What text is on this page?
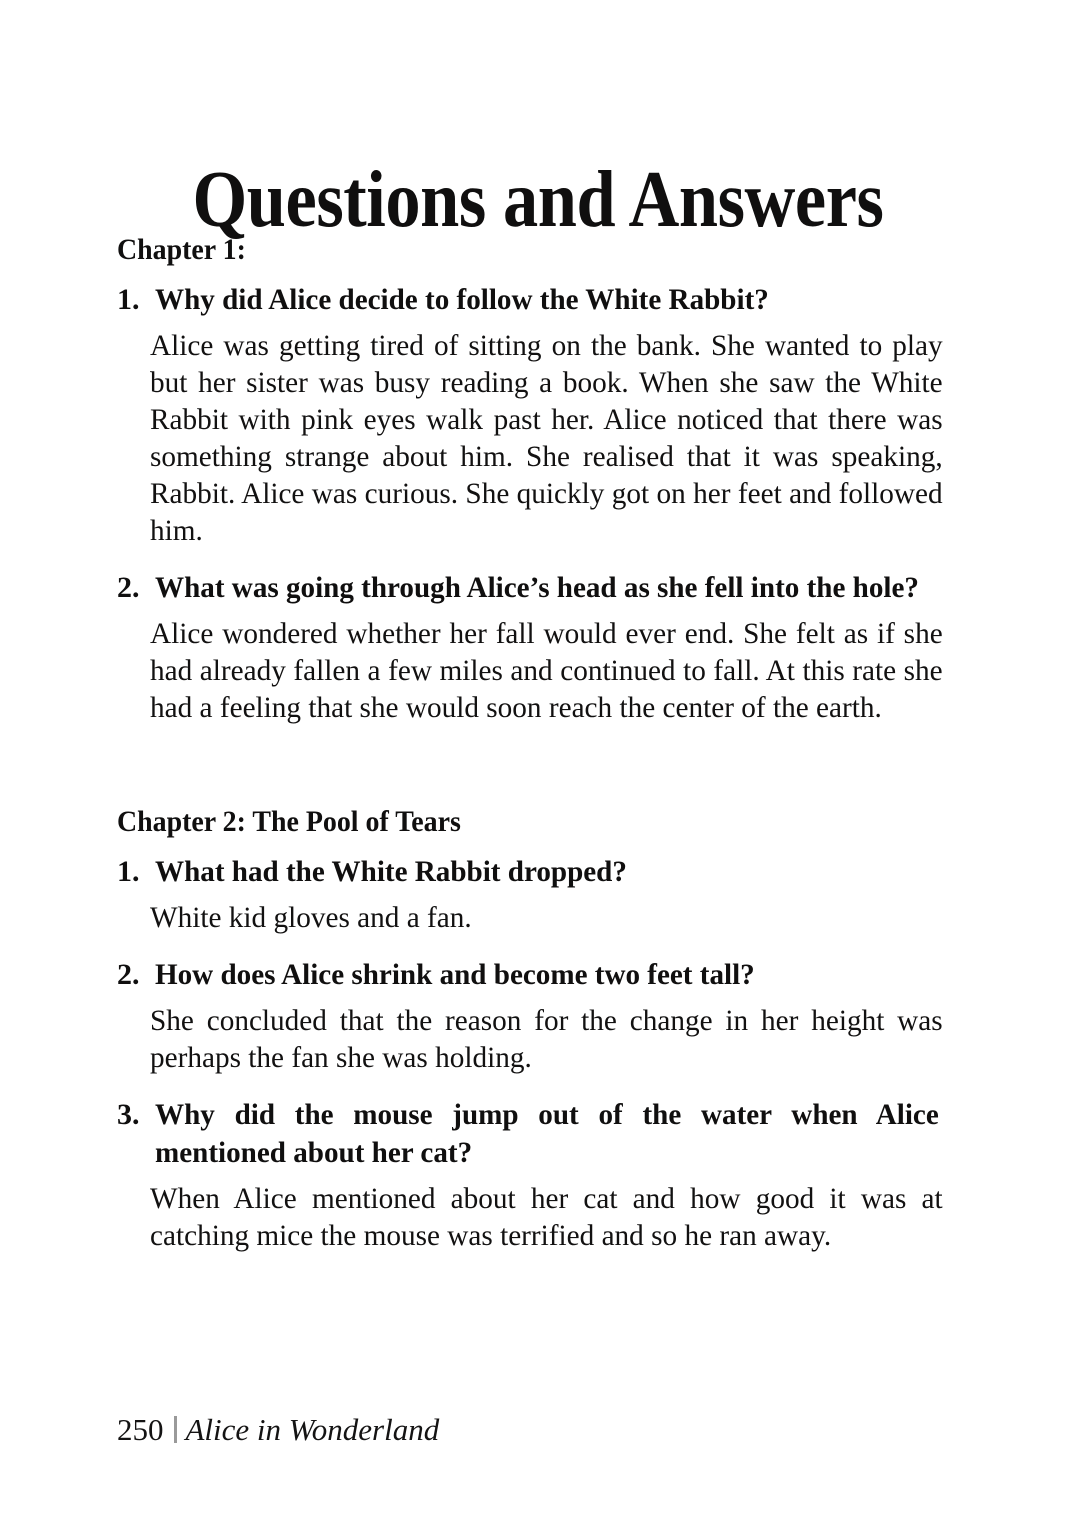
Questions and Answers
Chapter 1:
1. Why did Alice decide to follow the White Rabbit?
Alice was getting tired of sitting on the bank. She wanted to play but her sister was busy reading a book. When she saw the White Rabbit with pink eyes walk past her. Alice noticed that there was something strange about him. She realised that it was speaking, Rabbit. Alice was curious. She quickly got on her feet and followed him.
2. What was going through Alice’s head as she fell into the hole?
Alice wondered whether her fall would ever end. She felt as if she had already fallen a few miles and continued to fall. At this rate she had a feeling that she would soon reach the center of the earth.
Chapter 2: The Pool of Tears
1. What had the White Rabbit dropped?
White kid gloves and a fan.
2. How does Alice shrink and become two feet tall?
She concluded that the reason for the change in her height was perhaps the fan she was holding.
3. Why did the mouse jump out of the water when Alice mentioned about her cat?
When Alice mentioned about her cat and how good it was at catching mice the mouse was terrified and so he ran away.
250 Alice in Wonderland
